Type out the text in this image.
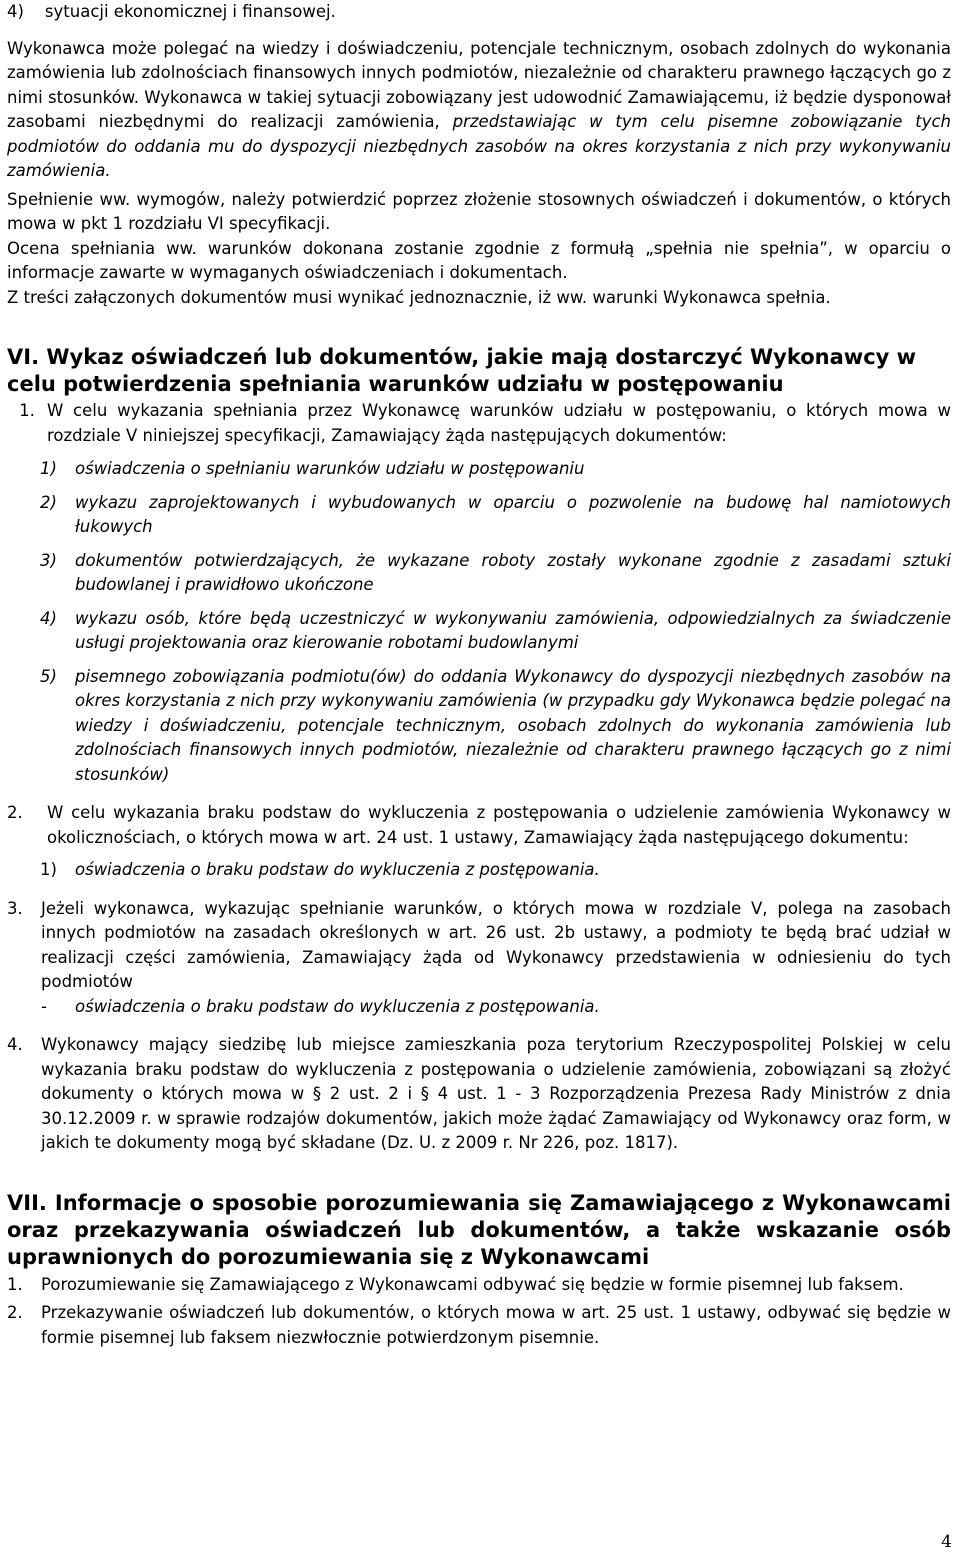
4)    sytuacji ekonomicznej i finansowej.

Wykonawca może polegać na wiedzy i doświadczeniu, potencjale technicznym, osobach zdolnych do wykonania zamówienia lub zdolnościach finansowych innych podmiotów, niezależnie od charakteru prawnego łączących go z nimi stosunków. Wykonawca w takiej sytuacji zobowiązany jest udowodnić Zamawiającemu, iż będzie dysponował zasobami niezbędnymi do realizacji zamówienia, przedstawiając w tym celu pisemne zobowiązanie tych podmiotów do oddania mu do dyspozycji niezbędnych zasobów na okres korzystania z nich przy wykonywaniu zamówienia.

Spełnienie ww. wymogów, należy potwierdzić poprzez złożenie stosownych oświadczeń i dokumentów, o których mowa w pkt 1 rozdziału VI specyfikacji.

Ocena spełniania ww. warunków dokonana zostanie zgodnie z formułą „spełnia nie spełnia”, w oparciu o informacje zawarte w wymaganych oświadczeniach i dokumentach.

Z treści załączonych dokumentów musi wynikać jednoznacznie, iż ww. warunki Wykonawca spełnia.

VI. Wykaz oświadczeń lub dokumentów, jakie mają dostarczyć Wykonawcy w celu potwierdzenia spełniania warunków udziału w postępowaniu

1. W celu wykazania spełniania przez Wykonawcę warunków udziału w postępowaniu, o których mowa w rozdziale V niniejszej specyfikacji, Zamawiający żąda następujących dokumentów:
1)	oświadczenia o spełnianiu warunków udziału w postępowaniu
2)	wykazu zaprojektowanych i wybudowanych w oparciu o pozwolenie na budowę hal namiotowych łukowych
3)	dokumentów potwierdzających, że wykazane roboty zostały wykonane zgodnie z zasadami sztuki budowlanej i prawidłowo ukończone
4)	wykazu osób, które będą uczestniczyć w wykonywaniu zamówienia, odpowiedzialnych za świadczenie usługi projektowania oraz kierowanie robotami budowlanymi
5)	pisemnego zobowiązania podmiotu(ów) do oddania Wykonawcy do dyspozycji niezbędnych zasobów na okres korzystania z nich przy wykonywaniu zamówienia (w przypadku gdy Wykonawca będzie polegać na wiedzy i doświadczeniu, potencjale technicznym, osobach zdolnych do wykonania zamówienia lub zdolnościach finansowych innych podmiotów, niezależnie od charakteru prawnego łączących go z nimi stosunków)
2.	W celu wykazania braku podstaw do wykluczenia z postępowania o udzielenie zamówienia Wykonawcy w okolicznościach, o których mowa w art. 24 ust. 1 ustawy, Zamawiający żąda następującego dokumentu:
1)	oświadczenia o braku podstaw do wykluczenia z postępowania.
3.	Jeżeli wykonawca, wykazując spełnianie warunków, o których mowa w rozdziale V, polega na zasobach innych podmiotów na zasadach określonych w art. 26 ust. 2b ustawy, a podmioty te będą brać udział w realizacji części zamówienia, Zamawiający żąda od Wykonawcy przedstawienia w odniesieniu do tych podmiotów
-	oświadczenia o braku podstaw do wykluczenia z postępowania.
4.	Wykonawcy mający siedzibę lub miejsce zamieszkania poza terytorium Rzeczypospolitej Polskiej w celu wykazania braku podstaw do wykluczenia z postępowania o udzielenie zamówienia, zobowiązani są złożyć dokumenty o których mowa w § 2 ust. 2 i § 4 ust. 1 - 3 Rozporządzenia Prezesa Rady Ministrów z dnia 30.12.2009 r. w sprawie rodzajów dokumentów, jakich może żądać Zamawiający od Wykonawcy oraz form, w jakich te dokumenty mogą być składane (Dz. U. z 2009 r. Nr 226, poz. 1817).

VII. Informacje o sposobie porozumiewania się Zamawiającego z Wykonawcami oraz przekazywania oświadczeń lub dokumentów, a także wskazanie osób uprawnionych do porozumiewania się z Wykonawcami

1.	Porozumiewanie się Zamawiającego z Wykonawcami odbywać się będzie w formie pisemnej lub faksem.
2.	Przekazywanie oświadczeń lub dokumentów, o których mowa w art. 25 ust. 1 ustawy, odbywać się będzie w formie pisemnej lub faksem niezwłocznie potwierdzonym pisemnie.
4
